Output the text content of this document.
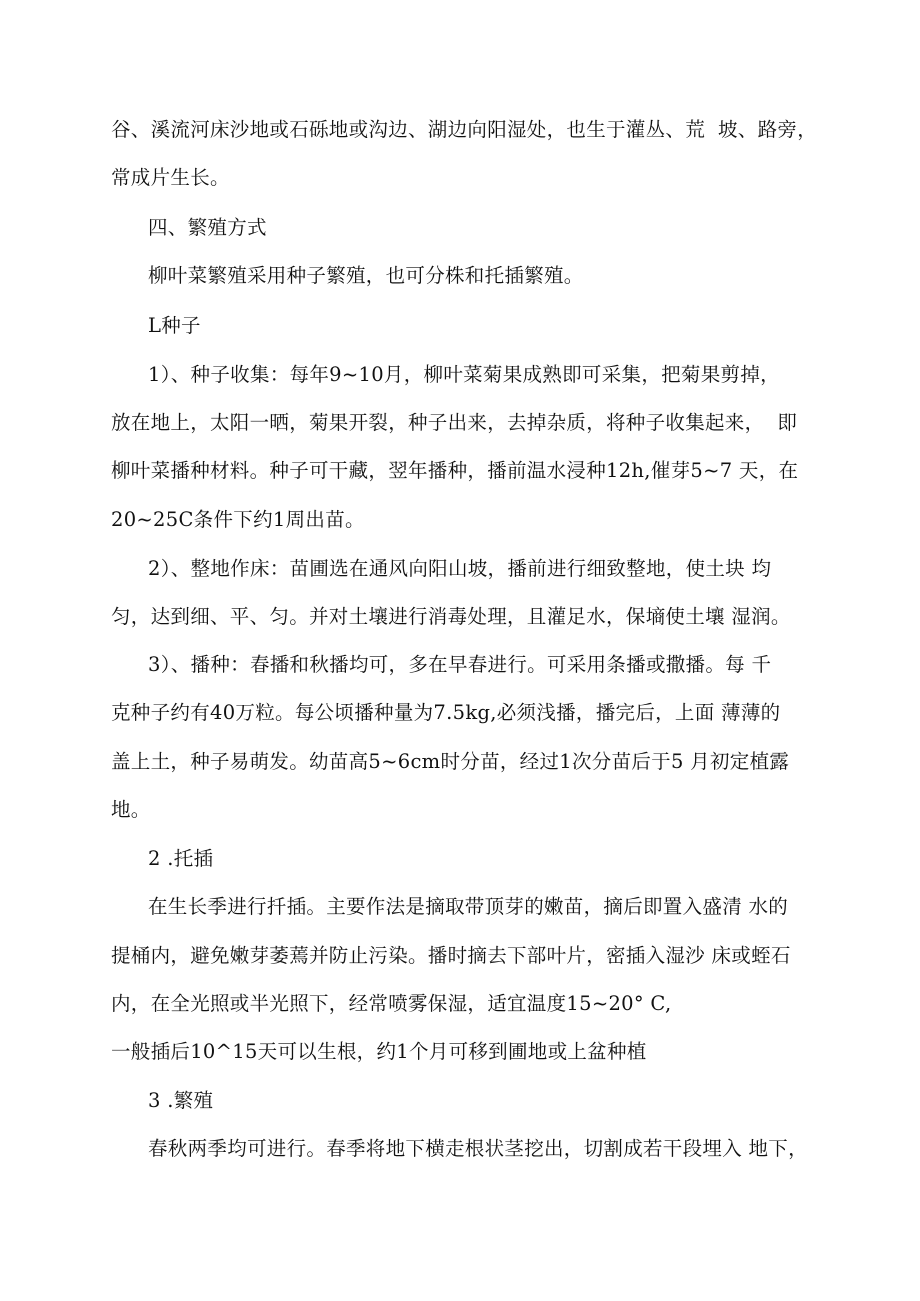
谷、溪流河床沙地或石砾地或沟边、湖边向阳湿处，也生于灌丛、荒  坡、路旁，
常成片生长。
四、繁殖方式
柳叶菜繁殖采用种子繁殖，也可分株和托插繁殖。
L种子
1）、种子收集：每年9~10月，柳叶菜菊果成熟即可采集，把菊果剪掉，
放在地上，太阳一晒，菊果开裂，种子出来，去掉杂质，将种子收集起来，  即
柳叶菜播种材料。种子可干藏，翌年播种，播前温水浸种12h,催芽5~7 天，在
20~25C条件下约1周出苗。
2）、整地作床：苗圃选在通风向阳山坡，播前进行细致整地，使土块 均
匀，达到细、平、匀。并对土壤进行消毒处理，且灌足水，保墒使土壤 湿润。
3）、播种：春播和秋播均可，多在早春进行。可采用条播或撒播。每 千
克种子约有40万粒。每公顷播种量为7.5kg,必须浅播，播完后，上面 薄薄的
盖上土，种子易萌发。幼苗高5~6cm时分苗，经过1次分苗后于5 月初定植露
地。
2 .托插
在生长季进行扦插。主要作法是摘取带顶芽的嫩苗，摘后即置入盛清 水的
提桶内，避免嫩芽萎蔫并防止污染。播时摘去下部叶片，密插入湿沙 床或蛭石
内，在全光照或半光照下，经常喷雾保湿，适宜温度15~20° C,
一般插后10^15天可以生根，约1个月可移到圃地或上盆种植
3 .繁殖
春秋两季均可进行。春季将地下横走根状茎挖出，切割成若干段埋入 地下，
